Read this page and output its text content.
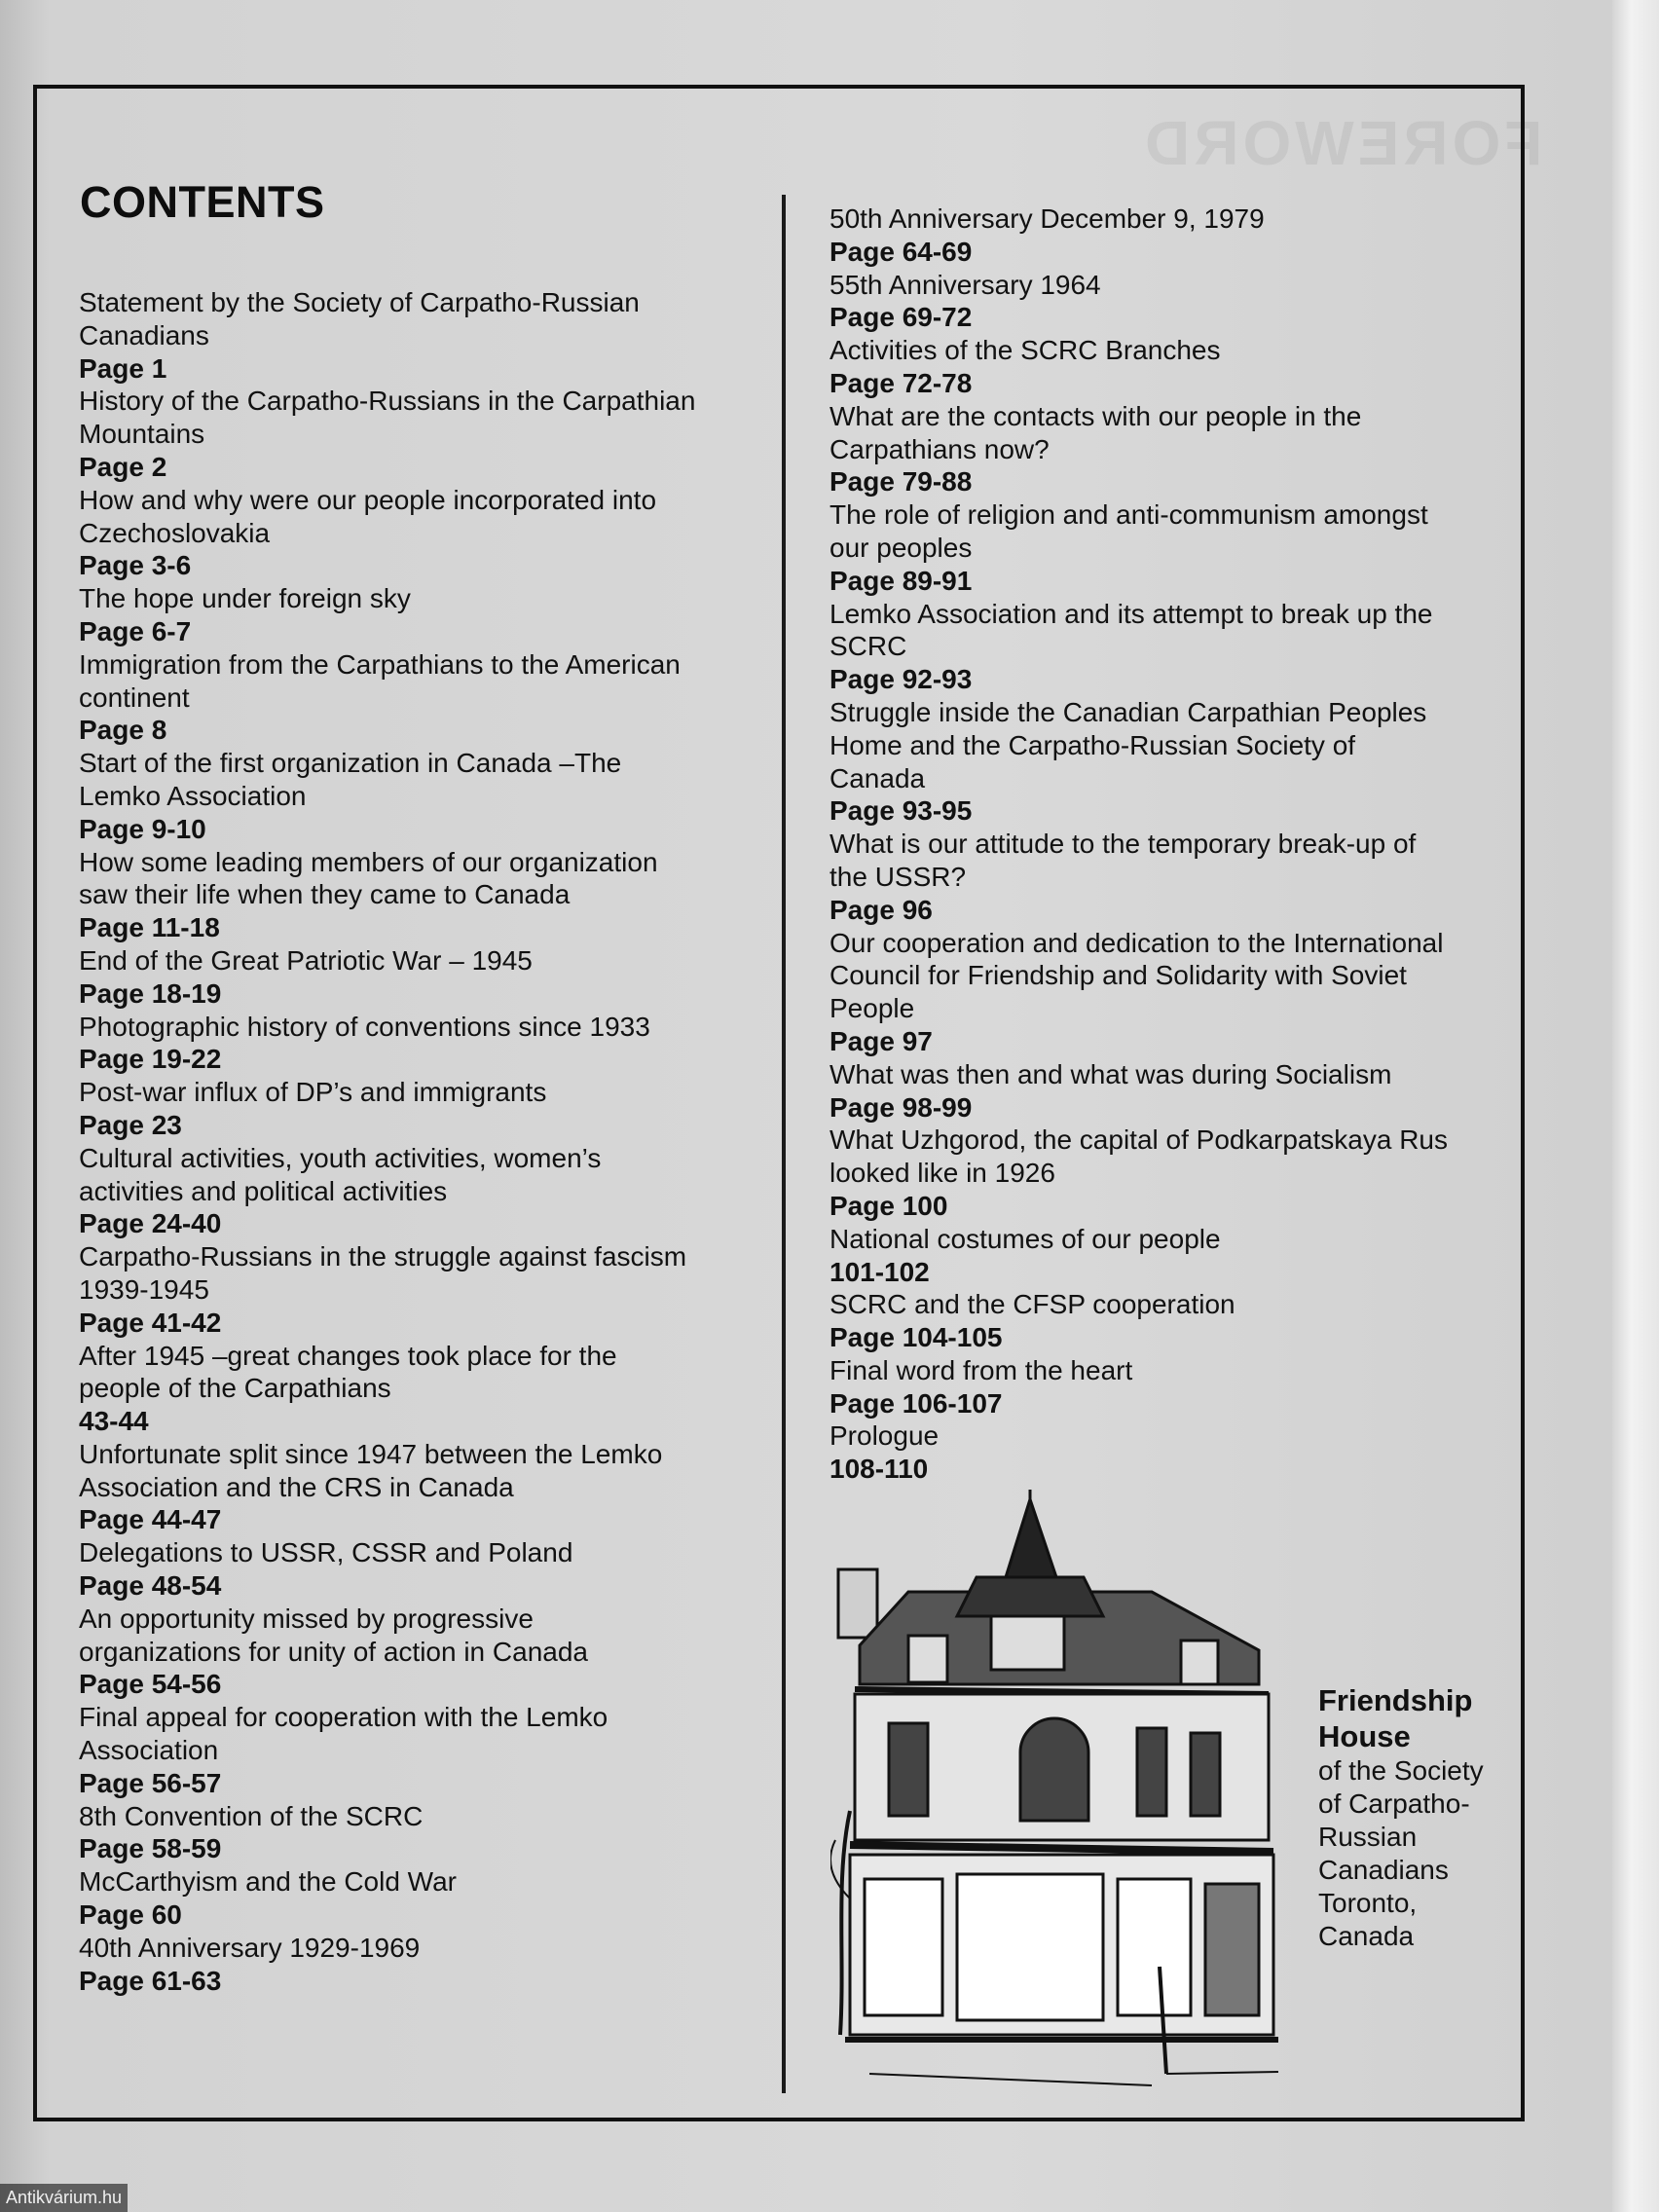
FOREWORD
CONTENTS

Statement by the Society of Carpatho-Russian Canadians

Page 1

History of the Carpatho-Russians in the Carpathian Mountains

Page 2

How and why were our people incorporated into Czechoslovakia

Page 3-6

The hope under foreign sky

Page 6-7

Immigration from the Carpathians to the American continent

Page 8

Start of the first organization in Canada –The Lemko Association

Page 9-10

How some leading members of our organization saw their life when they came to Canada

Page 11-18

End of the Great Patriotic War – 1945

Page 18-19

Photographic history of conventions since 1933

Page 19-22

Post-war influx of DP’s and immigrants

Page 23

Cultural activities, youth activities, women’s activities and political activities

Page 24-40

Carpatho-Russians in the struggle against fascism 1939-1945

Page 41-42

After 1945 –great changes took place for the people of the Carpathians

43-44

Unfortunate split since 1947 between the Lemko Association and the CRS in Canada

Page 44-47

Delegations to USSR, CSSR and Poland

Page 48-54

An opportunity missed by progressive organizations for unity of action in Canada

Page 54-56

Final appeal for cooperation with the Lemko Association

Page 56-57

8th Convention of the SCRC

Page 58-59

McCarthyism and the Cold War

Page 60

40th Anniversary 1929-1969

Page 61-63

50th Anniversary December 9, 1979

Page 64-69

55th Anniversary 1964

Page 69-72

Activities of the SCRC Branches

Page 72-78

What are the contacts with our people in the Carpathians now?

Page 79-88

The role of religion and anti-communism amongst our peoples

Page 89-91

Lemko Association and its attempt to break up the SCRC

Page 92-93

Struggle inside the Canadian Carpathian Peoples Home and the Carpatho-Russian Society of Canada

Page 93-95

What is our attitude to the temporary break-up of the USSR?

Page 96

Our cooperation and dedication to the International Council for Friendship and Solidarity with Soviet People

Page 97

What was then and what was during Socialism

Page 98-99

What Uzhgorod, the capital of Podkarpatskaya Rus looked like in 1926

Page 100

National costumes of our people

101-102

SCRC and the CFSP cooperation

Page 104-105

Final word from the heart

Page 106-107

Prologue

108-110

Friendship House
of the Society of Carpatho-Russian Canadians Toronto, Canada
Antikvárium.hu
